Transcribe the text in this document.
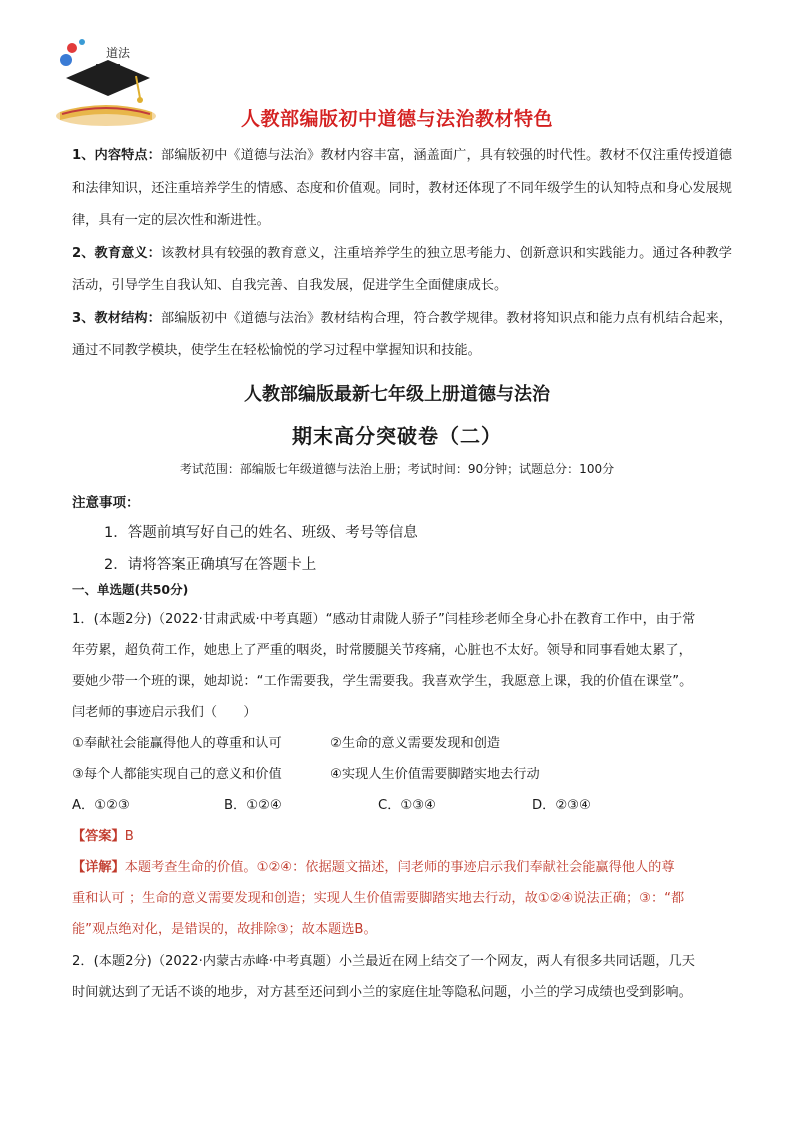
道法
人教部编版初中道德与法治教材特色

1、内容特点：部编版初中《道德与法治》教材内容丰富，涵盖面广，具有较强的时代性。教材不仅注重传授道德和法律知识，还注重培养学生的情感、态度和价值观。同时，教材还体现了不同年级学生的认知特点和身心发展规律，具有一定的层次性和渐进性。

2、教育意义：该教材具有较强的教育意义，注重培养学生的独立思考能力、创新意识和实践能力。通过各种教学活动，引导学生自我认知、自我完善、自我发展，促进学生全面健康成长。

3、教材结构：部编版初中《道德与法治》教材结构合理，符合教学规律。教材将知识点和能力点有机结合起来，通过不同教学模块，使学生在轻松愉悦的学习过程中掌握知识和技能。

人教部编版最新七年级上册道德与法治
期末高分突破卷（二）
考试范围：部编版七年级道德与法治上册；考试时间：90分钟；试题总分：100分
注意事项：
1．答题前填写好自己的姓名、班级、考号等信息
2．请将答案正确填写在答题卡上
一、单选题(共50分)

1．(本题2分)（2022·甘肃武威·中考真题）“感动甘肃陇人骄子”闫桂珍老师全身心扑在教育工作中，由于常

年劳累，超负荷工作，她患上了严重的咽炎，时常腰腿关节疼痛，心脏也不太好。领导和同事看她太累了，

要她少带一个班的课，她却说：“工作需要我，学生需要我。我喜欢学生，我愿意上课，我的价值在课堂”。

闫老师的事迹启示我们（　　）

①奉献社会能赢得他人的尊重和认可	②生命的意义需要发现和创造
③每个人都能实现自己的意义和价值	④实现人生价值需要脚踏实地去行动
A．①②③	B．①②④	C．①③④	D．②③④
【答案】B
【详解】本题考查生命的价值。①②④：依据题文描述，闫老师的事迹启示我们奉献社会能赢得他人的尊
重和认可 ；生命的意义需要发现和创造；实现人生价值需要脚踏实地去行动，故①②④说法正确；③：“都
能”观点绝对化，是错误的，故排除③；故本题选B。

2．(本题2分)（2022·内蒙古赤峰·中考真题）小兰最近在网上结交了一个网友，两人有很多共同话题，几天

时间就达到了无话不谈的地步，对方甚至还问到小兰的家庭住址等隐私问题，小兰的学习成绩也受到影响。
